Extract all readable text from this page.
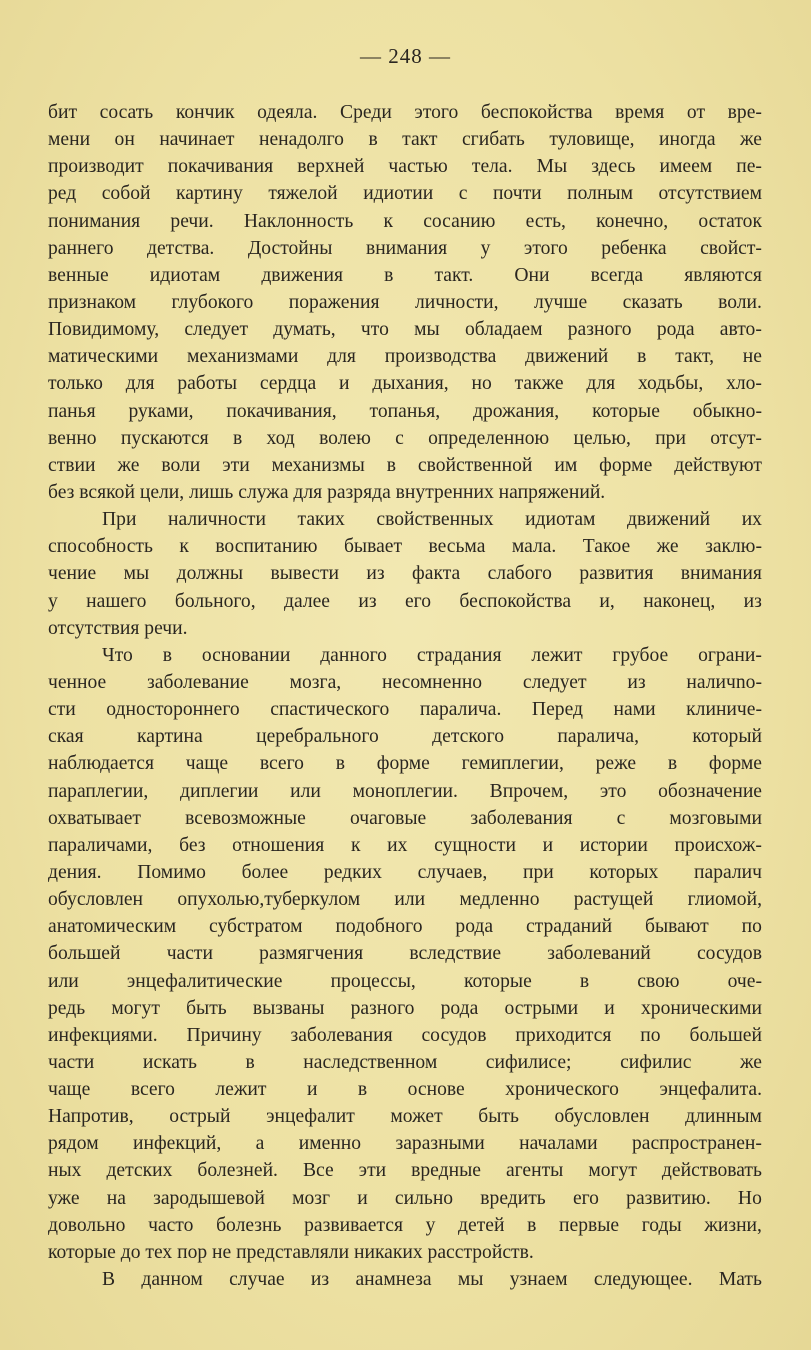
— 248 —
бит сосать кончик одеяла. Среди этого беспокойства время от вре-
мени он начинает ненадолго в такт сгибать туловище, иногда же
производит покачивания верхней частью тела. Мы здесь имеем пе-
ред собой картину тяжелой идиотии с почти полным отсутствием
понимания речи. Наклонность к сосанию есть, конечно, остаток
раннего детства. Достойны внимания у этого ребенка свойст-
венные идиотам движения в такт. Они всегда являются
признаком глубокого поражения личности, лучше сказать воли.
Повидимому, следует думать, что мы обладаем разного рода авто-
матическими механизмами для производства движений в такт, не
только для работы сердца и дыхания, но также для ходьбы, хло-
панья руками, покачивания, топанья, дрожания, которые обыкно-
венно пускаются в ход волею с определенною целью, при отсут-
ствии же воли эти механизмы в свойственной им форме действуют
без всякой цели, лишь служа для разряда внутренних напряжений.
При наличности таких свойственных идиотам движений их
способность к воспитанию бывает весьма мала. Такое же заклю-
чение мы должны вывести из факта слабого развития внимания
у нашего больного, далее из его беспокойства и, наконец, из
отсутствия речи.
Что в основании данного страдания лежит грубое ограни-
ченное заболевание мозга, несомненно следует из наличno-
сти одностороннего спастического паралича. Перед нами клиниче-
ская	картина	церебрального	детского	паралича,	который
наблюдается чаще всего в форме гемиплегии, реже в форме
параплегии, диплегии или моноплегии. Впрочем, это обозначение
охватывает всевозможные очаговые заболевания с мозговыми
параличами, без отношения к их сущности и истории происхож-
дения. Помимо более редких случаев, при которых паралич
обусловлен опухолью,туберкулом или медленно растущей глиомой,
анатомическим субстратом подобного рода страданий бывают по
большей части размягчения вследствие заболеваний сосудов
или энцефалитические процессы, которые в свою оче-
редь могут быть вызваны разного рода острыми и хроническими
инфекциями. Причину заболевания сосудов приходится по большей
части искать в наследственном сифилисе; сифилис же
чаще всего лежит и в основе хронического энцефалита.
Напротив, острый энцефалит может быть обусловлен длинным
рядом инфекций, а именно заразными началами распространен-
ных детских болезней. Все эти вредные агенты могут действовать
уже на зародышевой мозг и сильно вредить его развитию. Но
довольно часто болезнь развивается у детей в первые годы жизни,
которые до тех пор не представляли никаких расстройств.
В данном случае из анамнеза мы узнаем следующее. Мать
